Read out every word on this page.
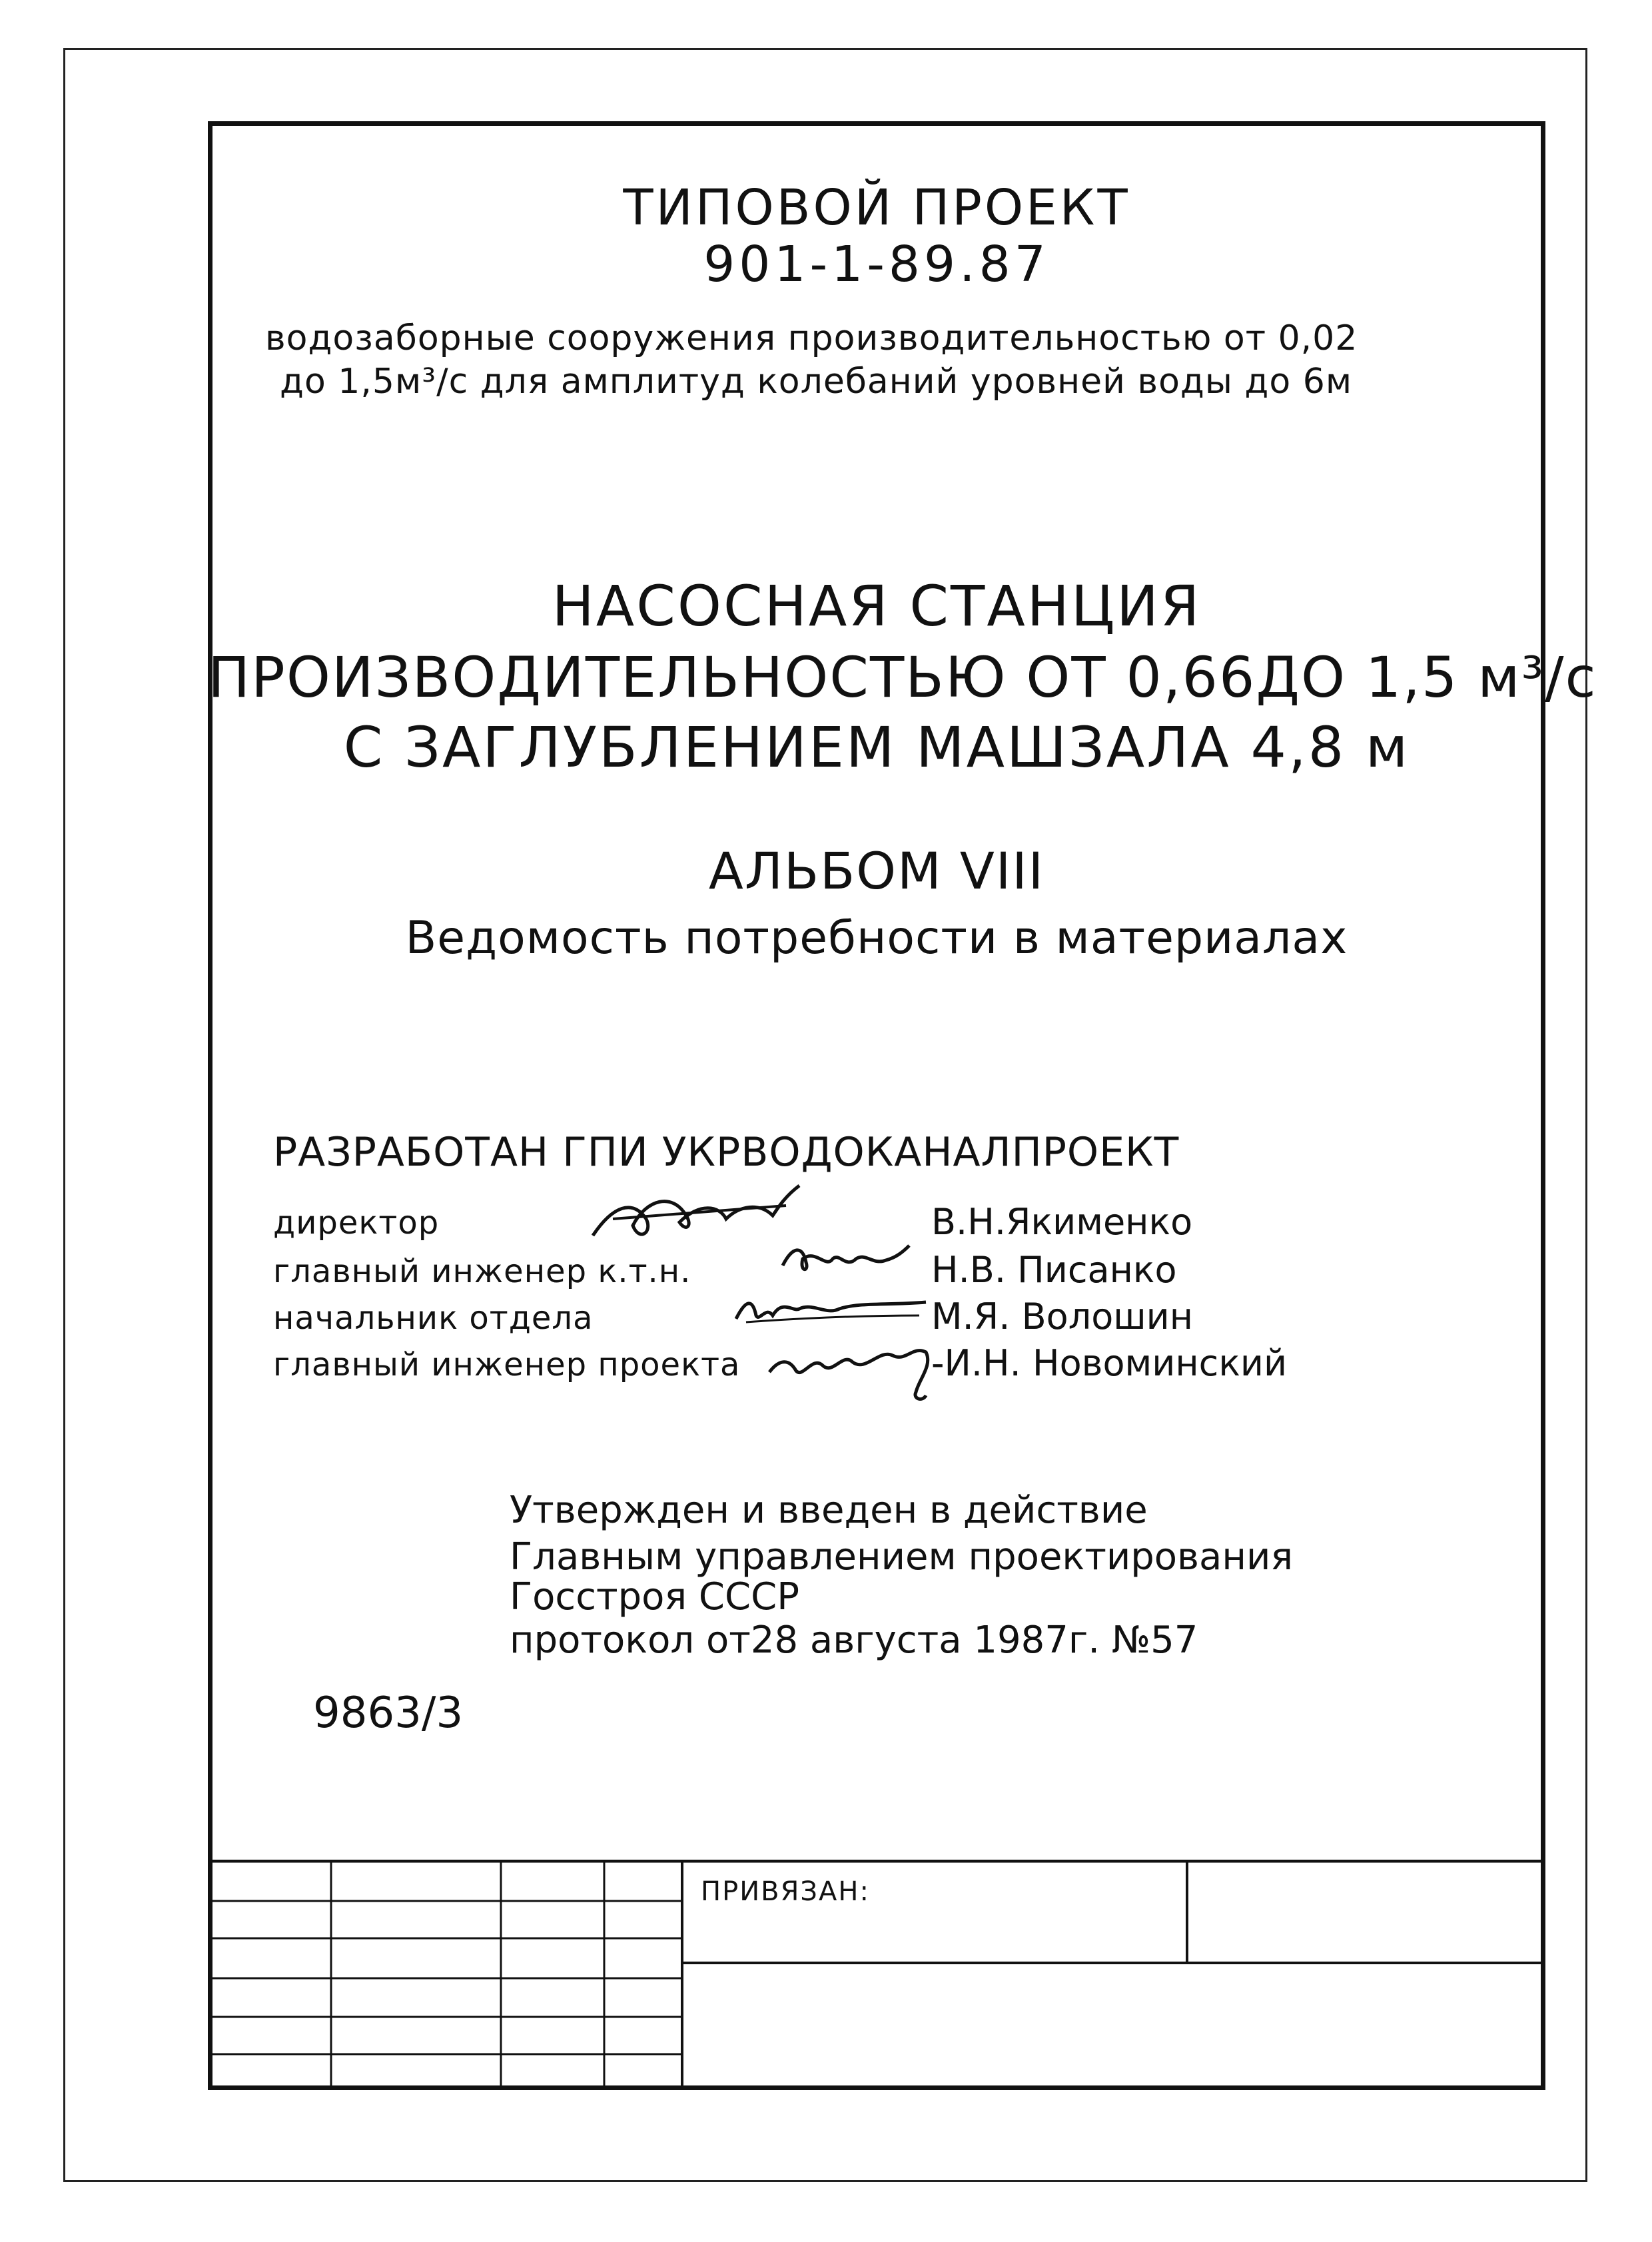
ТИПОВОЙ ПРОЕКТ
901-1-89.87
водозаборные сооружения производительностью от 0,02
до 1,5м³/с для амплитуд колебаний уровней воды до 6м
НАСОСНАЯ СТАНЦИЯ
ПРОИЗВОДИТЕЛЬНОСТЬЮ ОТ 0,66ДО 1,5 м³/с
С ЗАГЛУБЛЕНИЕМ МАШЗАЛА 4,8 м
АЛЬБОМ VIII
Ведомость потребности в материалах
РАЗРАБОТАН ГПИ УКРВОДОКАНАЛПРОЕКТ
директор	В.Н.Якименко
главный инженер к.т.н.	Н.В. Писанко
начальник отдела	М.Я. Волошин
главный инженер проекта	-И.Н. Новоминский
Утвержден и введен в действие
Главным управлением проектирования
Госстроя СССР
протокол от28 августа 1987г. №57
9863/3
ПРИВЯЗАН:
